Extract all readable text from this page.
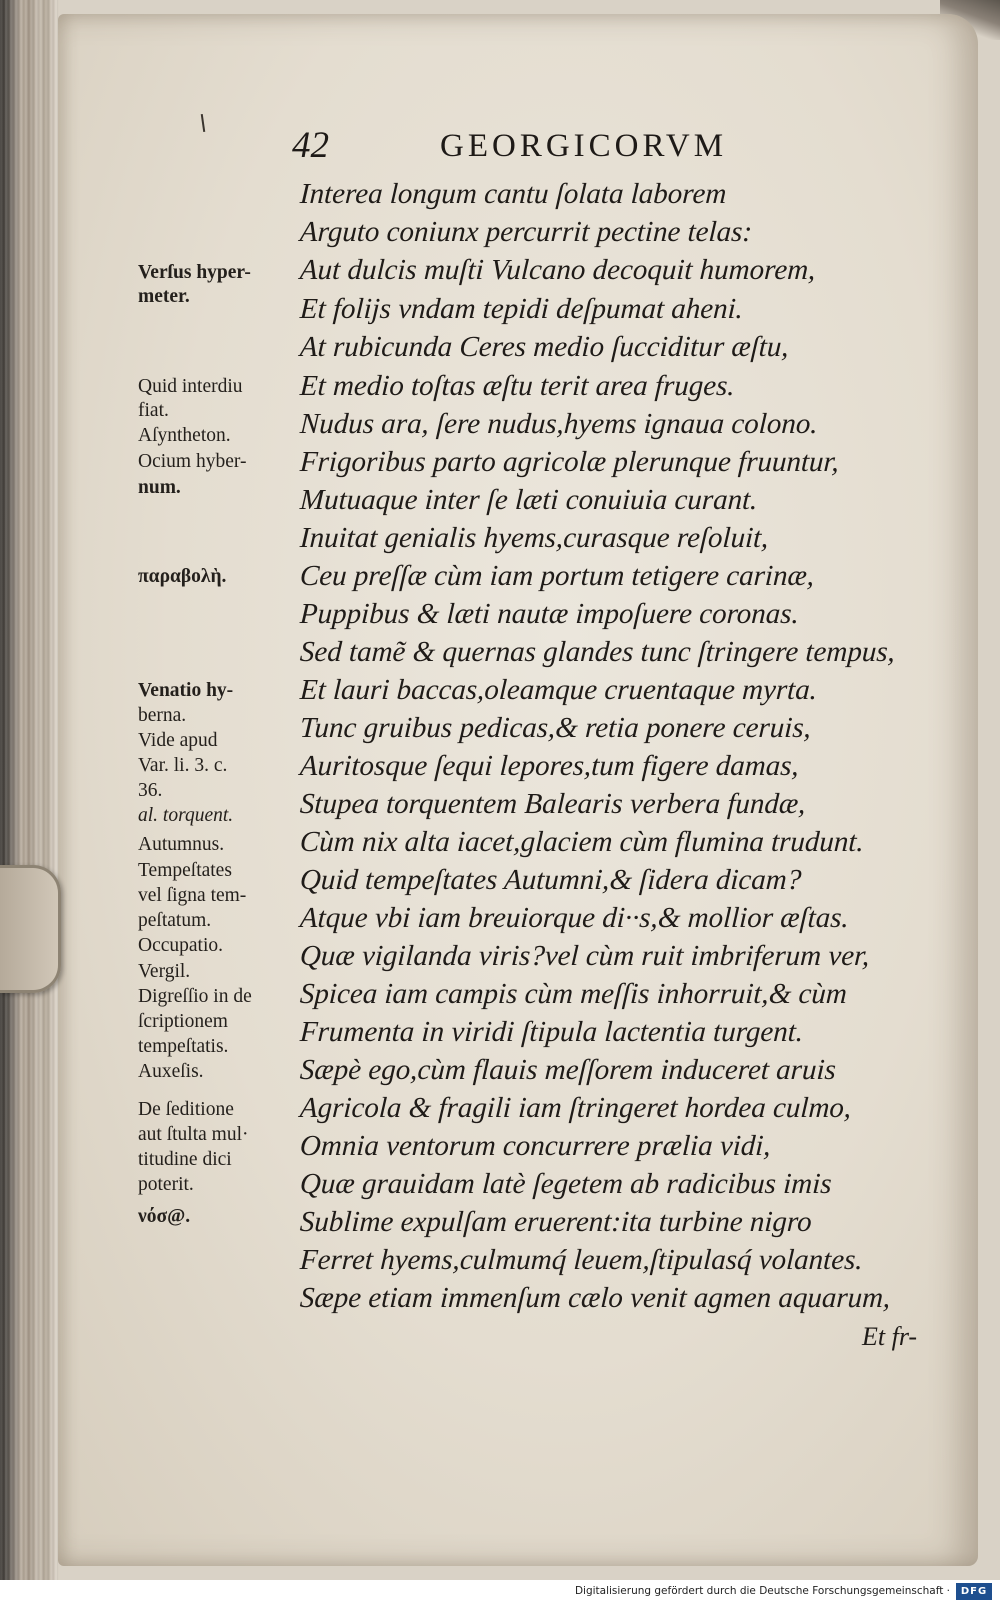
42	GEORGICORVM
Interea longum cantu ſolata laborem
Arguto coniunx percurrit pectine telas:
Aut dulcis muſti Vulcano decoquit humorem,
Et folijs vndam tepidi deſpumat aheni.
At rubicunda Ceres medio ſucciditur æſtu,
Et medio toſtas æſtu terit area fruges.
Nudus ara, ſere nudus,hyems ignaua colono.
Frigoribus parto agricolæ plerunque fruuntur,
Mutuaque inter ſe læti conuiuia curant.
Inuitat genialis hyems,curasque reſoluit,
Ceu preſſæ cùm iam portum tetigere carinæ,
Puppibus & læti nautæ impoſuere coronas.
Sed tamẽ & quernas glandes tunc ſtringere tempus,
Et lauri baccas,oleamque cruentaque myrta.
Tunc gruibus pedicas,& retia ponere ceruis,
Auritosque ſequi lepores,tum figere damas,
Stupea torquentem Balearis verbera fundæ,
Cùm nix alta iacet,glaciem cùm flumina trudunt.
Quid tempeſtates Autumni,& ſidera dicam?
Atque vbi iam breuiorque di··s,& mollior æſtas.
Quæ vigilanda viris?vel cùm ruit imbriferum ver,
Spicea iam campis cùm meſſis inhorruit,& cùm
Frumenta in viridi ſtipula lactentia turgent.
Sæpè ego,cùm flauis meſſorem induceret aruis
Agricola & fragili iam ſtringeret hordea culmo,
Omnia ventorum concurrere prælia vidi,
Quæ grauidam latè ſegetem ab radicibus imis
Sublime expulſam eruerent:ita turbine nigro
Ferret hyems,culmumq́ leuem,ſtipulasq́ volantes.
Sæpe etiam immenſum cælo venit agmen aquarum,
Et fr-
Verſus hyper-
meter.
Quid interdiu
fiat.
Aſyntheton.
Ocium hyber-
num.
παραβολὴ.
Venatio hy-
berna.
Vide apud
Var. li. 3. c.
36.
al. torquent.
Autumnus.
Tempeſtates
vel ſigna tem-
peſtatum.
Occupatio.
Vergil.
Digreſſio in de
ſcriptionem
tempeſtatis.
Auxeſis.
De ſeditione
aut ſtulta mul·
titudine dici
poterit.
νόσ@.
Digitalisierung gefördert durch die Deutsche Forschungsgemeinschaft ·	DFG
